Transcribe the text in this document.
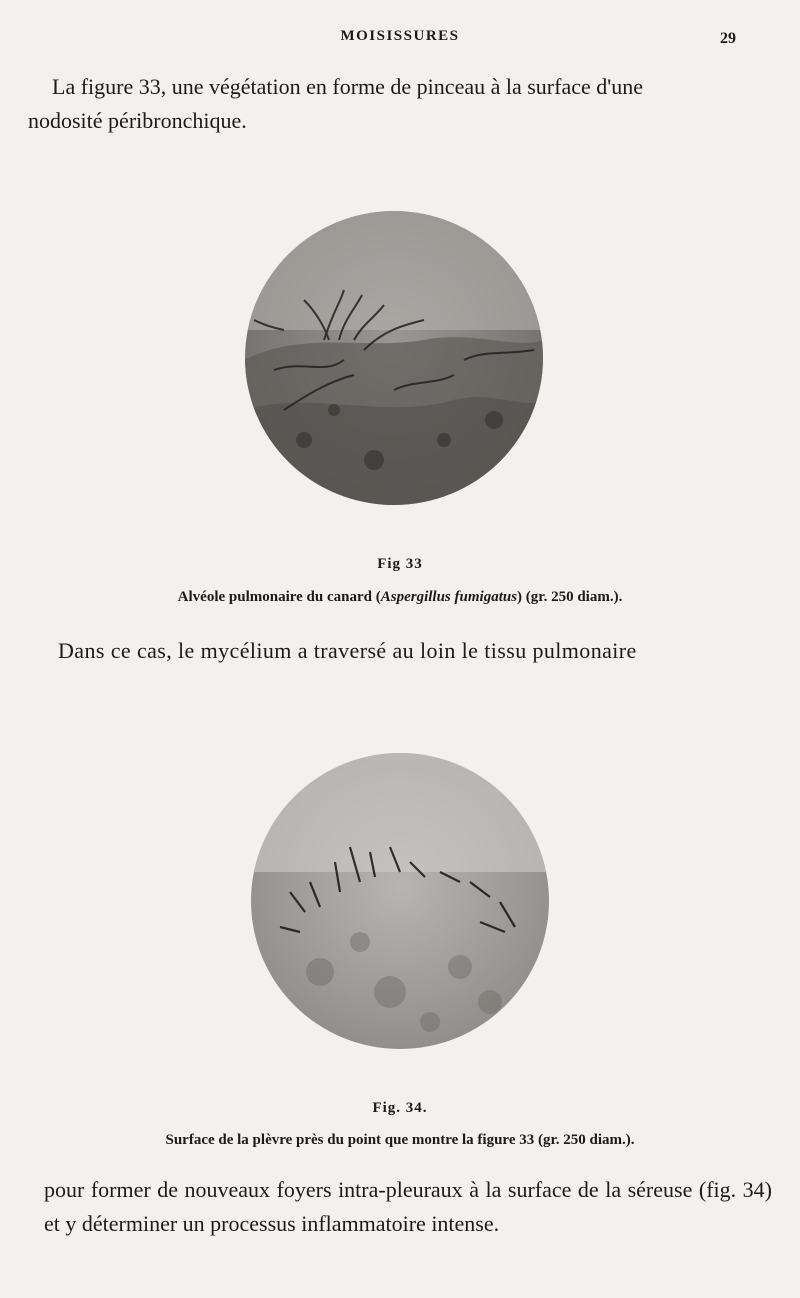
MOISISSURES	29

La figure 33, une végétation en forme de pinceau à la surface d'une
nodosité péribronchique.

Fig 33
Alvéole pulmonaire du canard (Aspergillus fumigatus) (gr. 250 diam.).

Dans ce cas, le mycélium a traversé au loin le tissu pulmonaire

Fig. 34.
Surface de la plèvre près du point que montre la figure 33 (gr. 250 diam.).

pour former de nouveaux foyers intra-pleuraux à la surface de la séreuse (fig. 34) et y déterminer un processus inflammatoire intense.
